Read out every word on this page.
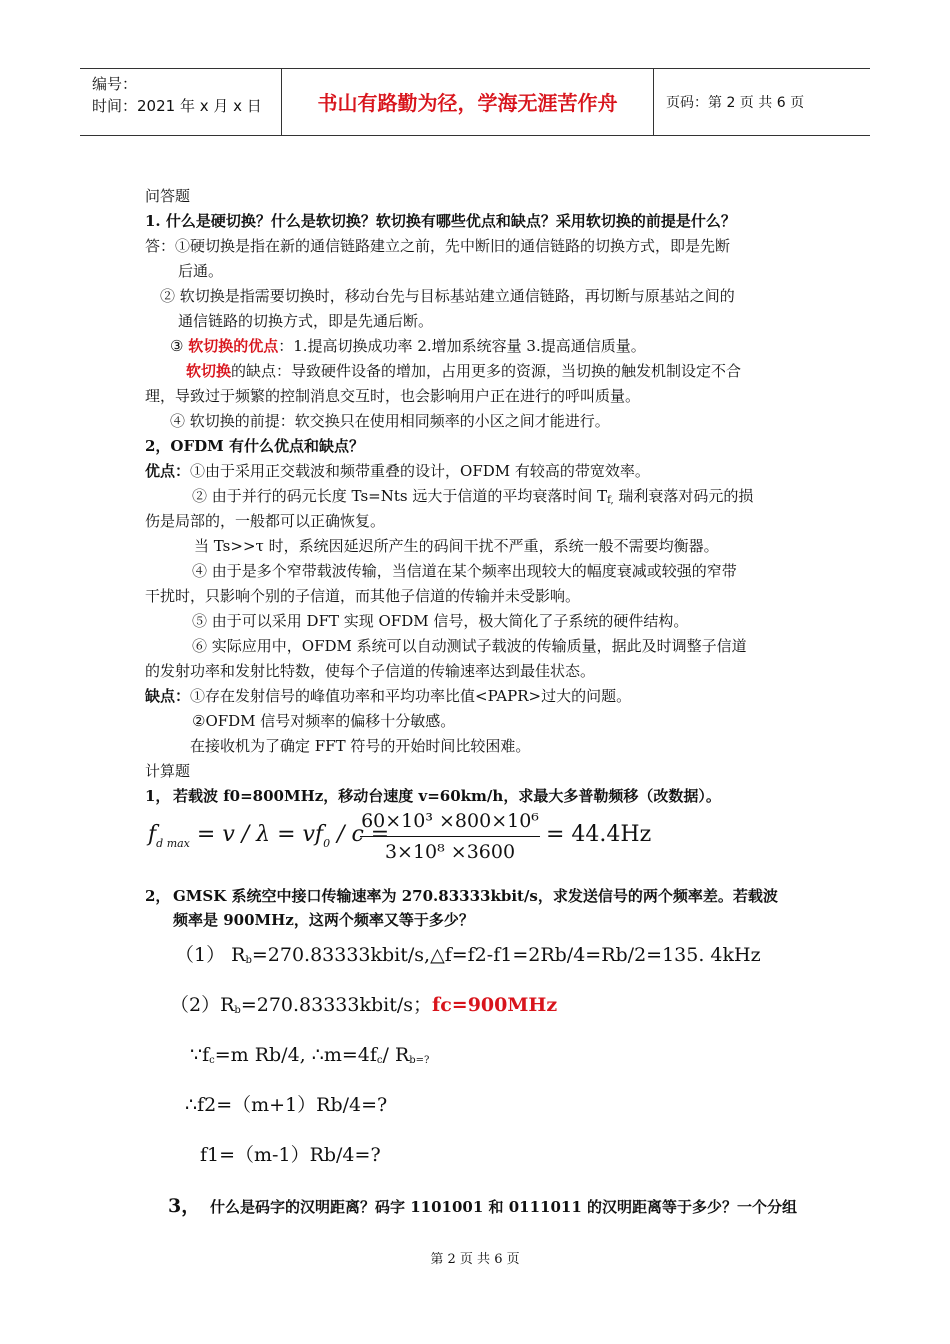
编号：
时间：2021 年 x 月 x 日	书山有路勤为径，学海无涯苦作舟	页码：第 2 页 共 6 页
问答题
1. 什么是硬切换？什么是软切换？软切换有哪些优点和缺点？采用软切换的前提是什么？
答：①硬切换是指在新的通信链路建立之前，先中断旧的通信链路的切换方式，即是先断
后通。
② 软切换是指需要切换时，移动台先与目标基站建立通信链路，再切断与原基站之间的
通信链路的切换方式，即是先通后断。
③ 软切换的优点：1.提高切换成功率 2.增加系统容量 3.提高通信质量。
软切换的缺点：导致硬件设备的增加，占用更多的资源，当切换的触发机制设定不合
理，导致过于频繁的控制消息交互时，也会影响用户正在进行的呼叫质量。
④ 软切换的前提：软交换只在使用相同频率的小区之间才能进行。
2，OFDM 有什么优点和缺点？
优点：①由于采用正交载波和频带重叠的设计，OFDM 有较高的带宽效率。
② 由于并行的码元长度 Ts=Nts 远大于信道的平均衰落时间 $T_{f,}$ 瑞利衰落对码元的损
伤是局部的，一般都可以正确恢复。
当 Ts>>τ 时，系统因延迟所产生的码间干扰不严重，系统一般不需要均衡器。
④ 由于是多个窄带载波传输，当信道在某个频率出现较大的幅度衰减或较强的窄带
干扰时，只影响个别的子信道，而其他子信道的传输并未受影响。
⑤ 由于可以采用 DFT 实现 OFDM 信号，极大简化了子系统的硬件结构。
⑥ 实际应用中，OFDM 系统可以自动测试子载波的传输质量，据此及时调整子信道
的发射功率和发射比特数，使每个子信道的传输速率达到最佳状态。
缺点：①存在发射信号的峰值功率和平均功率比值<PAPR>过大的问题。
②OFDM 信号对频率的偏移十分敏感。
在接收机为了确定 FFT 符号的开始时间比较困难。
计算题
1， 若载波 f0=800MHz，移动台速度 v=60km/h，求最大多普勒频移（改数据）。
$f_{d max} = v / \lambda = vf_0 / c$ =
60×10³ ×800×10⁶
3×10⁸ ×3600
= 44.4Hz
2， GMSK 系统空中接口传输速率为 270.83333kbit/s，求发送信号的两个频率差。若载波
频率是 900MHz，这两个频率又等于多少？
（1） $R_b=270.83333kbit/s,\triangle f=f2-f1=2Rb/4=Rb/2=135$. 4kHz
$(2)R_b=270.83333kbit/s$；fc=900MHz
$\because f_c=m$ Rb/4, $\therefore m=4f_c/$ $R_{b=?}$
∴f2=（m+1）Rb/4=?
f1=（m-1）Rb/4=?
3， 什么是码字的汉明距离？码字 1101001 和 0111011 的汉明距离等于多少？一个分组
第 2 页 共 6 页
